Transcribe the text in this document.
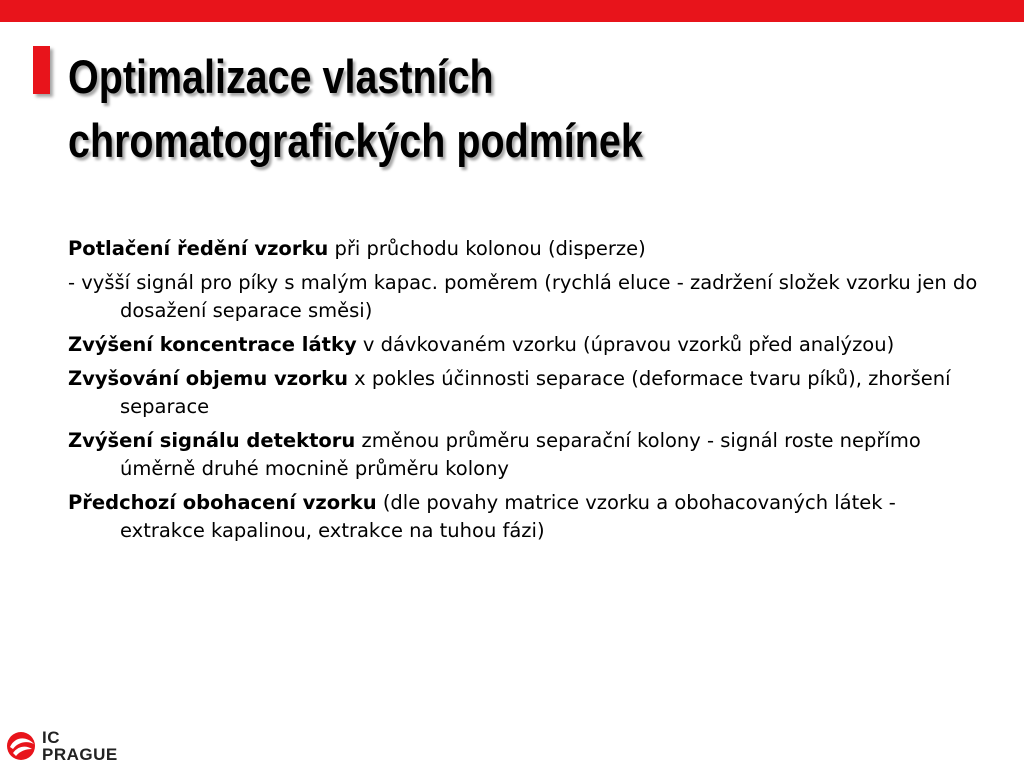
Optimalizace vlastních
chromatografických podmínek

Potlačení ředění vzorku při průchodu kolonou (disperze)

- vyšší signál pro píky s malým kapac. poměrem (rychlá eluce - zadržení složek vzorku jen do dosažení separace směsi)

Zvýšení koncentrace látky v dávkovaném vzorku (úpravou vzorků před analýzou)

Zvyšování objemu vzorku x pokles účinnosti separace (deformace tvaru píků), zhoršení separace

Zvýšení signálu detektoru změnou průměru separační kolony - signál roste nepřímo úměrně druhé mocnině průměru kolony

Předchozí obohacení vzorku (dle povahy matrice vzorku a obohacovaných látek - extrakce kapalinou, extrakce na tuhou fázi)

IC
PRAGUE
